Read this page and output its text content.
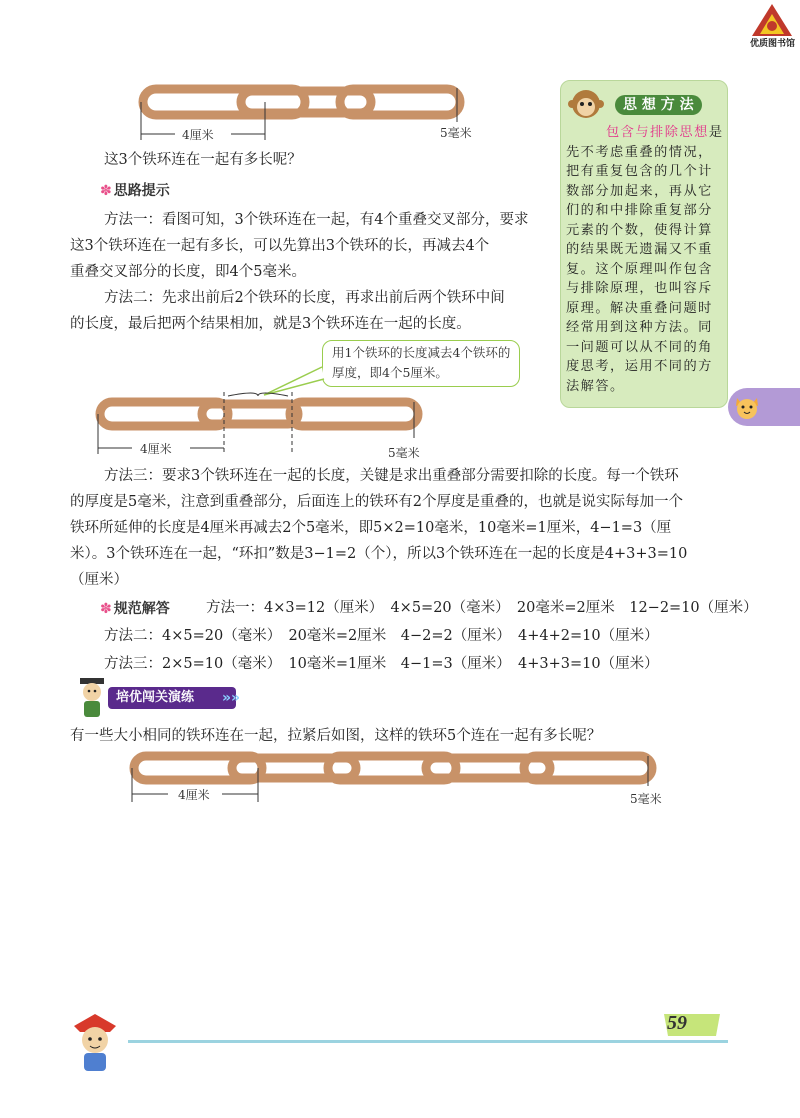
优质图书馆
4厘米	5毫米
这3个铁环连在一起有多长呢？
✽ 思路提示
方法一：看图可知，3个铁环连在一起，有4个重叠交叉部分，要求
这3个铁环连在一起有多长，可以先算出3个铁环的长，再减去4个
重叠交叉部分的长度，即4个5毫米。
方法二：先求出前后2个铁环的长度，再求出前后两个铁环中间
的长度，最后把两个结果相加，就是3个铁环连在一起的长度。
思 想 方 法
包含与排除思想是先不考虑重叠的情况，把有重复包含的几个计数部分加起来，再从它们的和中排除重复部分元素的个数，使得计算的结果既无遗漏又不重复。这个原理叫作包含与排除原理，也叫容斥原理。解决重叠问题时经常用到这种方法。同一问题可以从不同的角度思考，运用不同的方法解答。
用1个铁环的长度减去4个铁环的厚度，即4个5厘米。
4厘米	5毫米
方法三：要求3个铁环连在一起的长度，关键是求出重叠部分需要扣除的长度。每一个铁环
的厚度是5毫米，注意到重叠部分，后面连上的铁环有2个厚度是重叠的，也就是说实际每加一个
铁环所延伸的长度是4厘米再减去2个5毫米，即5×2=10毫米，10毫米=1厘米，4−1=3（厘
米）。3个铁环连在一起，“环扣”数是3−1=2（个），所以3个铁环连在一起的长度是4+3+3=10
（厘米）
✽ 规范解答	方法一：4×3=12（厘米）　4×5=20（毫米）　20毫米=2厘米　12−2=10（厘米）
方法二：4×5=20（毫米）　20毫米=2厘米　4−2=2（厘米）　4+4+2=10（厘米）
方法三：2×5=10（毫米）　10毫米=1厘米　4−1=3（厘米）　4+3+3=10（厘米）
培优闯关演练 »»
有一些大小相同的铁环连在一起，拉紧后如图，这样的铁环5个连在一起有多长呢？
4厘米	5毫米
59
